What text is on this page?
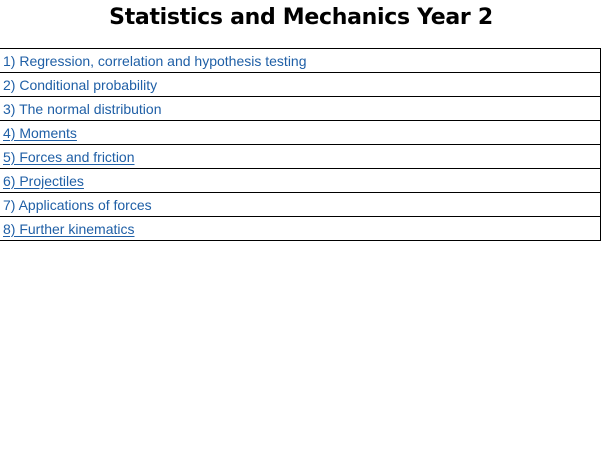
Statistics and Mechanics Year 2
1) Regression, correlation and hypothesis testing
2) Conditional probability
3) The normal distribution
4) Moments
5) Forces and friction
6) Projectiles
7) Applications of forces
8) Further kinematics
